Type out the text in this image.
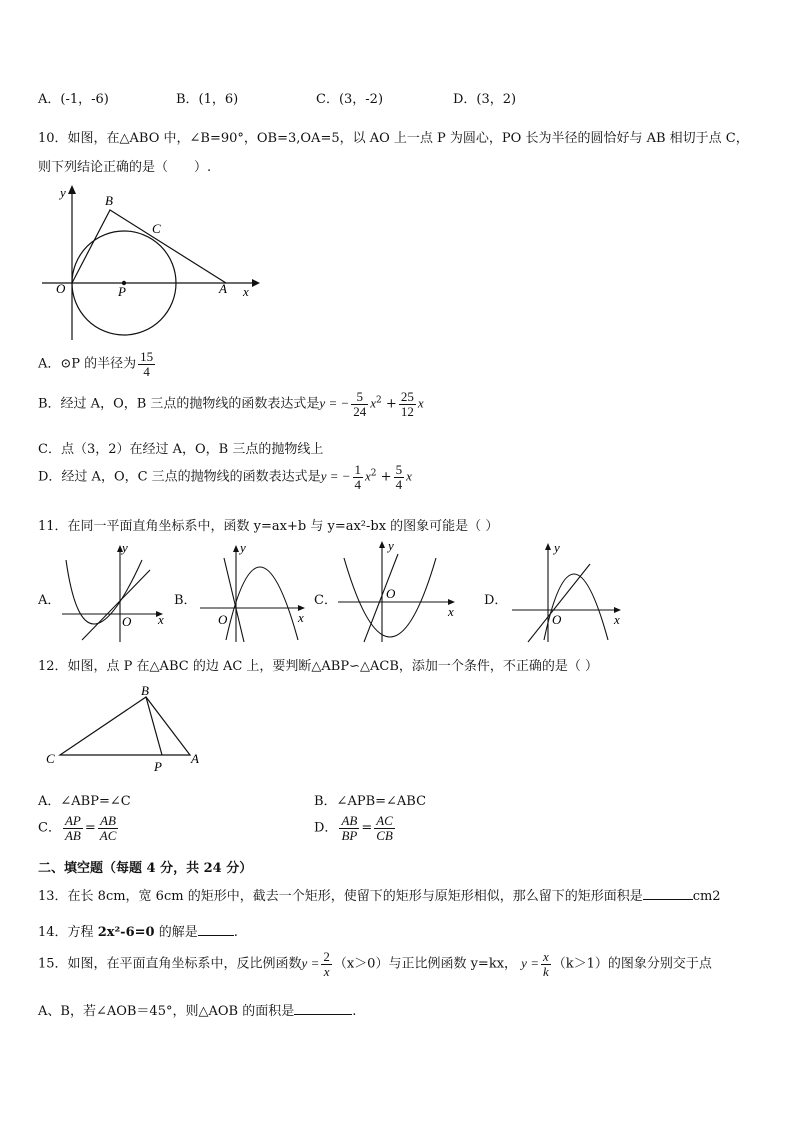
A．(-1，-6)	B．(1，6)	C．(3，-2)	D．(3，2)
10．如图，在△ABO 中，∠B=90°，OB=3,OA=5，以 AO 上一点 P 为圆心，PO 长为半径的圆恰好与 AB 相切于点 C，
则下列结论正确的是（　　）.
y
B
C
O	P	A x
A．⊙P 的半径为 $\frac{15}{4}$
B．经过 A，O，B 三点的抛物线的函数表达式是y = − $\frac{5}{24} x^2 + \frac{25}{12}$ x
C．点（3，2）在经过 A，O，B 三点的抛物线上
D．经过 A，O，C 三点的抛物线的函数表达式是y = − $\frac{1}{4} x^2 + \frac{5}{4}$ x
11．在同一平面直角坐标系中，函数 y=ax+b 与 y=ax²-bx 的图象可能是（ ）
A．
y
x
O
B．
y
x
O
C．
y
x
O	D．
y
x
O
12．如图，点 P 在△ABC 的边 AC 上，要判断△ABP∽△ACB，添加一个条件，不正确的是（ ）
B
C
P
A
A．∠ABP=∠C	B．∠APB=∠ABC
C． $\frac{AP}{AB} = \frac{AB}{AC}$	D． $\frac{AB}{BP} = \frac{AC}{CB}$
二、填空题（每题 4 分，共 24 分）
13．在长 8cm，宽 6cm 的矩形中，截去一个矩形，使留下的矩形与原矩形相似，那么留下的矩形面积是	cm2
14．方程 2x²-6=0 的解是	.
15．如图，在平面直角坐标系中，反比例函数$y = \frac{2}{x} (x>0)$与正比例函数 y=kx， $y = \frac{x}{k} (k>1)$的图象分别交于点
A、B，若∠AOB＝45°，则△AOB 的面积是	.
